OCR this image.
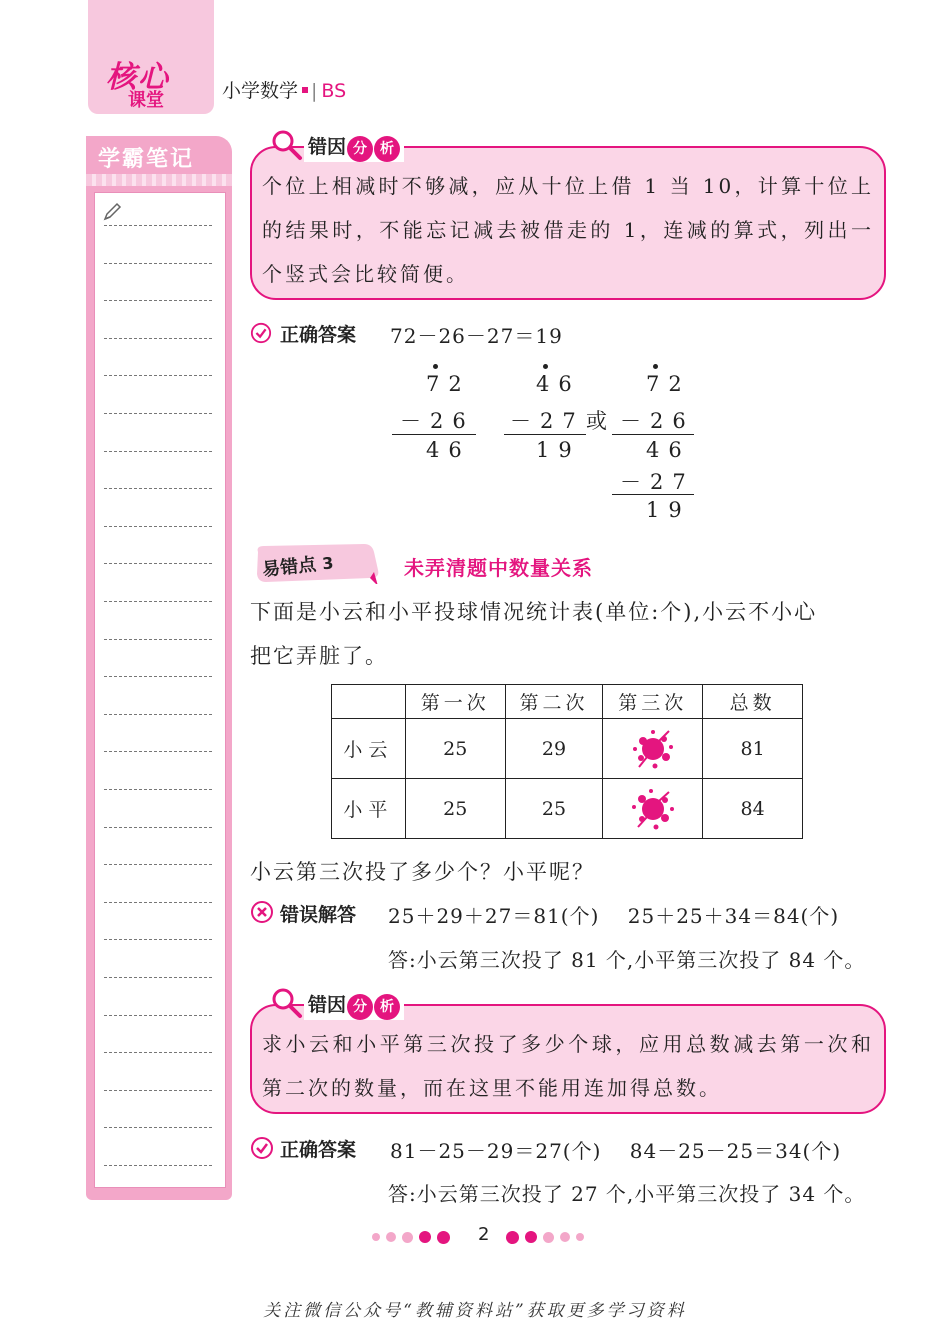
核心
课堂	小学数学 | BS
学霸笔记	错因 分 析
个位上相减时不够减，应从十位上借 1 当 10，计算十位上的结果时，不能忘记减去被借走的 1，连减的算式，列出一个竖式会比较简便。
正确答案 72－26－27＝19
72
－26
46
46
－27
19
或
72
－26
46
－27
19
易错点 3	未弄清题中数量关系
下面是小云和小平投球情况统计表(单位:个),小云不小心
把它弄脏了。
	第一次	第二次	第三次	总数
小云	25	29		81
小平	25	25		84
小云第三次投了多少个？小平呢？
错误解答 25＋29＋27＝81(个)　 25＋25＋34＝84(个)
答:小云第三次投了 81 个,小平第三次投了 84 个。
错因 分 析
求小云和小平第三次投了多少个球，应用总数减去第一次和第二次的数量，而在这里不能用连加得总数。
正确答案 81－25－29＝27(个)　 84－25－25＝34(个)
答:小云第三次投了 27 个,小平第三次投了 34 个。
2
关注微信公众号“教辅资料站”获取更多学习资料
